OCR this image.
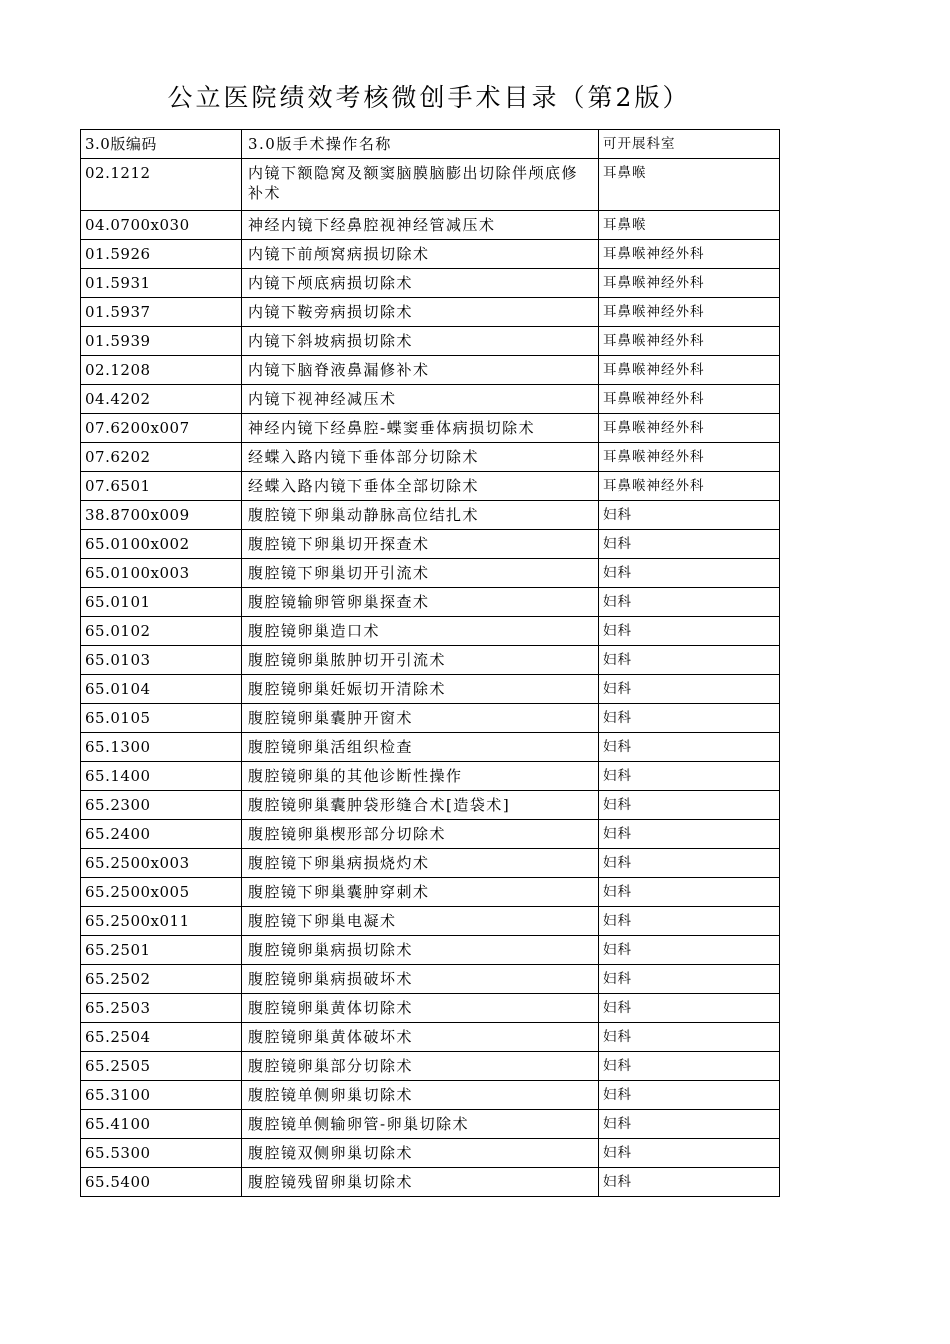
公立医院绩效考核微创手术目录（第2版）
3.0版编码	3.0版手术操作名称	可开展科室
02.1212	内镜下额隐窝及额窦脑膜脑膨出切除伴颅底修补术	耳鼻喉
04.0700x030	神经内镜下经鼻腔视神经管减压术	耳鼻喉
01.5926	内镜下前颅窝病损切除术	耳鼻喉神经外科
01.5931	内镜下颅底病损切除术	耳鼻喉神经外科
01.5937	内镜下鞍旁病损切除术	耳鼻喉神经外科
01.5939	内镜下斜坡病损切除术	耳鼻喉神经外科
02.1208	内镜下脑脊液鼻漏修补术	耳鼻喉神经外科
04.4202	内镜下视神经减压术	耳鼻喉神经外科
07.6200x007	神经内镜下经鼻腔-蝶窦垂体病损切除术	耳鼻喉神经外科
07.6202	经蝶入路内镜下垂体部分切除术	耳鼻喉神经外科
07.6501	经蝶入路内镜下垂体全部切除术	耳鼻喉神经外科
38.8700x009	腹腔镜下卵巢动静脉高位结扎术	妇科
65.0100x002	腹腔镜下卵巢切开探查术	妇科
65.0100x003	腹腔镜下卵巢切开引流术	妇科
65.0101	腹腔镜输卵管卵巢探查术	妇科
65.0102	腹腔镜卵巢造口术	妇科
65.0103	腹腔镜卵巢脓肿切开引流术	妇科
65.0104	腹腔镜卵巢妊娠切开清除术	妇科
65.0105	腹腔镜卵巢囊肿开窗术	妇科
65.1300	腹腔镜卵巢活组织检查	妇科
65.1400	腹腔镜卵巢的其他诊断性操作	妇科
65.2300	腹腔镜卵巢囊肿袋形缝合术[造袋术]	妇科
65.2400	腹腔镜卵巢楔形部分切除术	妇科
65.2500x003	腹腔镜下卵巢病损烧灼术	妇科
65.2500x005	腹腔镜下卵巢囊肿穿刺术	妇科
65.2500x011	腹腔镜下卵巢电凝术	妇科
65.2501	腹腔镜卵巢病损切除术	妇科
65.2502	腹腔镜卵巢病损破坏术	妇科
65.2503	腹腔镜卵巢黄体切除术	妇科
65.2504	腹腔镜卵巢黄体破坏术	妇科
65.2505	腹腔镜卵巢部分切除术	妇科
65.3100	腹腔镜单侧卵巢切除术	妇科
65.4100	腹腔镜单侧输卵管-卵巢切除术	妇科
65.5300	腹腔镜双侧卵巢切除术	妇科
65.5400	腹腔镜残留卵巢切除术	妇科
